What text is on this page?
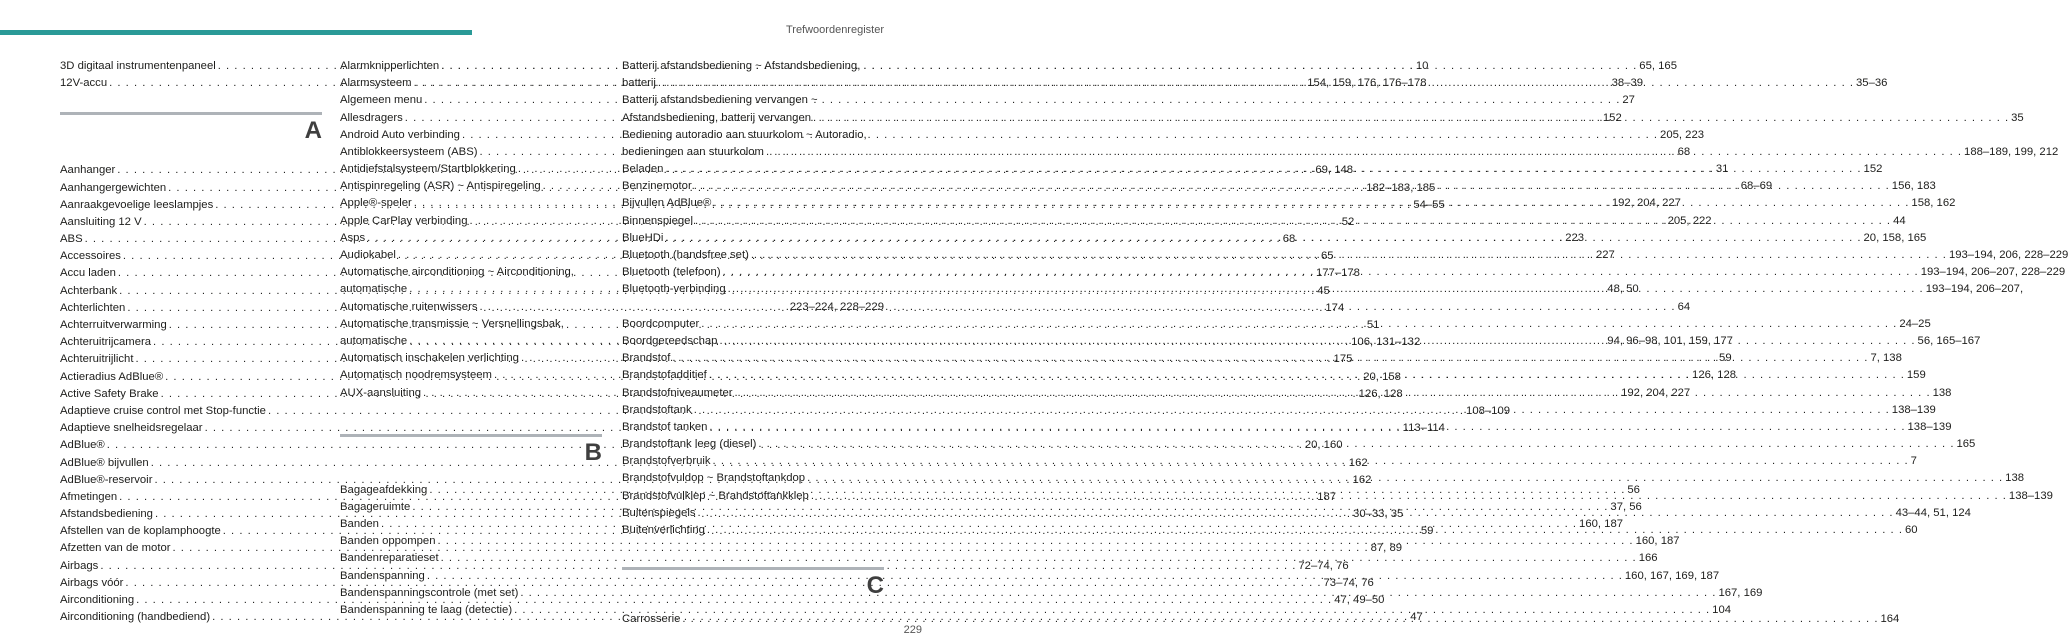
Trefwoordenregister
3D digitaal instrumentenpaneel . . .	10
12V-accu . . .	154, 159, 176, 176–178
A
Aanhanger . . .	69, 148
Aanhangergewichten . . .	182–183, 185
Aanraakgevoelige leeslampjes . . .	54–55
Aansluiting 12 V . . .	52
ABS . . .	68
Accessoires . . .	65
Accu laden . . .	177–178
Achterbank . . .	45
Achterlichten . . .	174
Achterruitverwarming . . .	51
Achteruitrijcamera . . .	106, 131–132
Achteruitrijlicht . . .	175
Actieradius AdBlue® . . .	20, 158
Active Safety Brake . . .	126, 128
Adaptieve cruise control met Stop-functie . . .	108–109
Adaptieve snelheidsregelaar . . .	113–114
AdBlue® . . .	20, 160
AdBlue® bijvullen . . .	162
AdBlue®-reservoir . . .	162
Afmetingen . . .	187
Afstandsbediening . . .	30–33, 35
Afstellen van de koplamphoogte . . .	59
Afzetten van de motor . . .	87, 89
Airbags . . .	72–74, 76
Airbags vóór . . .	73–74, 76
Airconditioning . . .	47, 49–50
Airconditioning (handbediend) . . .	47
Alarmknipperlichten . . .	65, 165
Alarmsysteem . . .	38–39
Algemeen menu . . .	27
Allesdragers . . .	152
Android Auto verbinding . . .	205, 223
Antiblokkeersysteem (ABS) . . .	68
Antidiefstalsysteem/Startblokkering . . .	31
Antispinregeling (ASR) ~ Antispiregeling . . .	68–69
Apple®-speler . . .	192, 204, 227
Apple CarPlay verbinding . . .	205, 222
Asps . . .	223
Audiokabel . . .	227
Automatische airconditioning ~ Airconditioning,
automatische . . .	48, 50
Automatische ruitenwissers . . .	64
Automatische transmissie ~ Versnellingsbak,
automatische . . .	94, 96–98, 101, 159, 177
Automatisch inschakelen verlichting . . .	59
Automatisch noodremsysteem . . .	126, 128
AUX-aansluiting . . .	192, 204, 227
B
Bagageafdekking . . .	56
Bagageruimte . . .	37, 56
Banden . . .	160, 187
Banden oppompen . . .	160, 187
Bandenreparatieset . . .	166
Bandenspanning . . .	160, 167, 169, 187
Bandenspanningscontrole (met set) . . .	167, 169
Bandenspanning te laag (detectie) . . .	104
Batterij afstandsbediening ~ Afstandsbediening,
batterij . . .	35–36
Batterij afstandsbediening vervangen ~
Afstandsbediening, batterij vervangen . . .	35
Bediening autoradio aan stuurkolom ~ Autoradio,
bedieningen aan stuurkolom . . .	188–189, 199, 212
Beladen . . .	152
Benzinemotor . . .	156, 183
Bijvullen AdBlue® . . .	158, 162
Binnenspiegel . . .	44
BlueHDi . . .	20, 158, 165
Bluetooth (handsfree set) . . .	193–194, 206, 228–229
Bluetooth (telefoon) . . .	193–194, 206–207, 228–229
Bluetooth-verbinding . . .	193–194, 206–207,
223–224, 228–229
Boordcomputer . . .	24–25
Boordgereedschap . . .	56, 165–167
Brandstof . . .	7, 138
Brandstofadditief . . .	159
Brandstofniveaumeter . . .	138
Brandstoftank . . .	138–139
Brandstof tanken . . .	138–139
Brandstoftank leeg (diesel) . . .	165
Brandstofverbruik . . .	7
Brandstofvuldop ~ Brandstoftankdop . . .	138
Brandstofvulklep ~ Brandstoftankklep . . .	138–139
Buitenspiegels . . .	43–44, 51, 124
Buitenverlichting . . .	60
C
Carrosserie . . .	164
229
